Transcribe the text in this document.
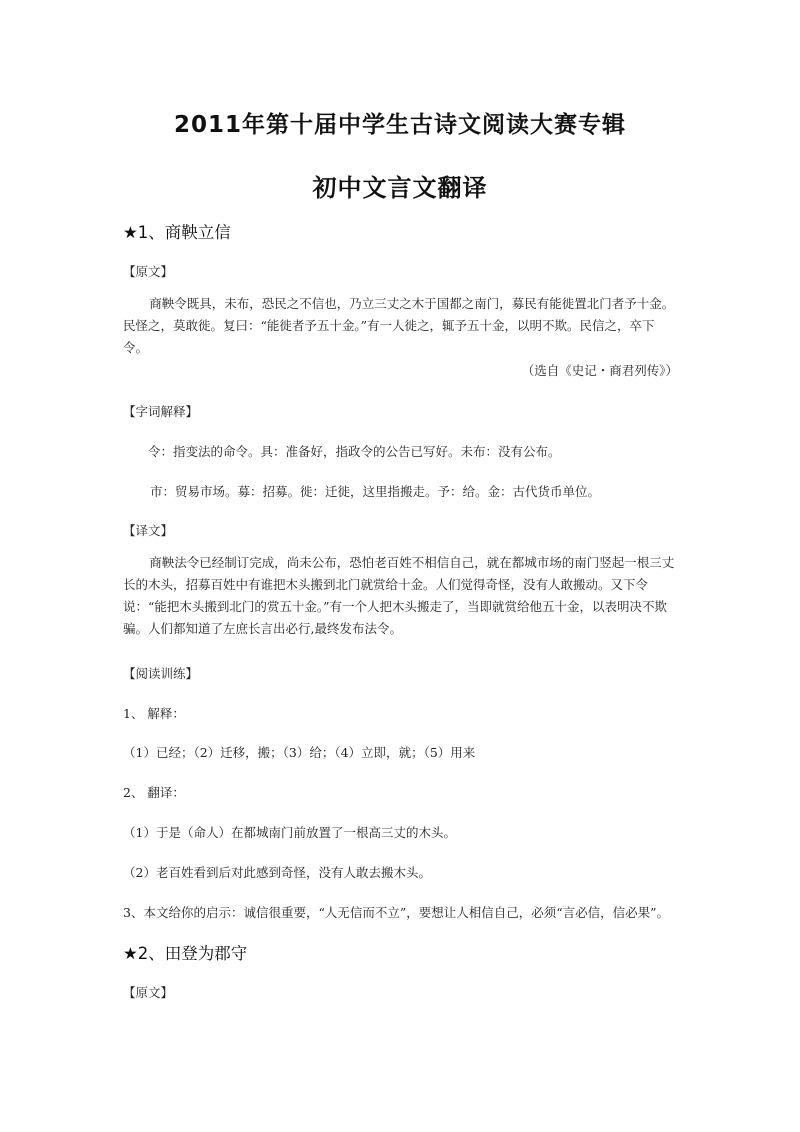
2011年第十届中学生古诗文阅读大赛专辑
初中文言文翻译
★1、商鞅立信
【原文】

商鞅令既具，未布，恐民之不信也，乃立三丈之木于国都之南门，募民有能徙置北门者予十金。民怪之，莫敢徙。复曰：“能徙者予五十金。”有一人徙之，辄予五十金，以明不欺。民信之，卒下令。

（选自《史记・商君列传》）
【字词解释】
令：指变法的命令。具：准备好，指政令的公告已写好。未布：没有公布。
市：贸易市场。募：招募。徙：迁徙，这里指搬走。予：给。金：古代货币单位。
【译文】

商鞅法令已经制订完成，尚未公布，恐怕老百姓不相信自己，就在都城市场的南门竖起一根三丈长的木头，招募百姓中有谁把木头搬到北门就赏给十金。人们觉得奇怪，没有人敢搬动。又下令说：“能把木头搬到北门的赏五十金。”有一个人把木头搬走了，当即就赏给他五十金，以表明决不欺骗。人们都知道了左庶长言出必行,最终发布法令。

【阅读训练】
1、 解释：
（1）已经；（2）迁移，搬；（3）给；（4）立即，就；（5）用来
2、 翻译：
（1）于是（命人）在都城南门前放置了一根高三丈的木头。
（2）老百姓看到后对此感到奇怪，没有人敢去搬木头。
3、本文给你的启示：诚信很重要，“人无信而不立”，要想让人相信自己，必须“言必信，信必果”。
★2、田登为郡守
【原文】
